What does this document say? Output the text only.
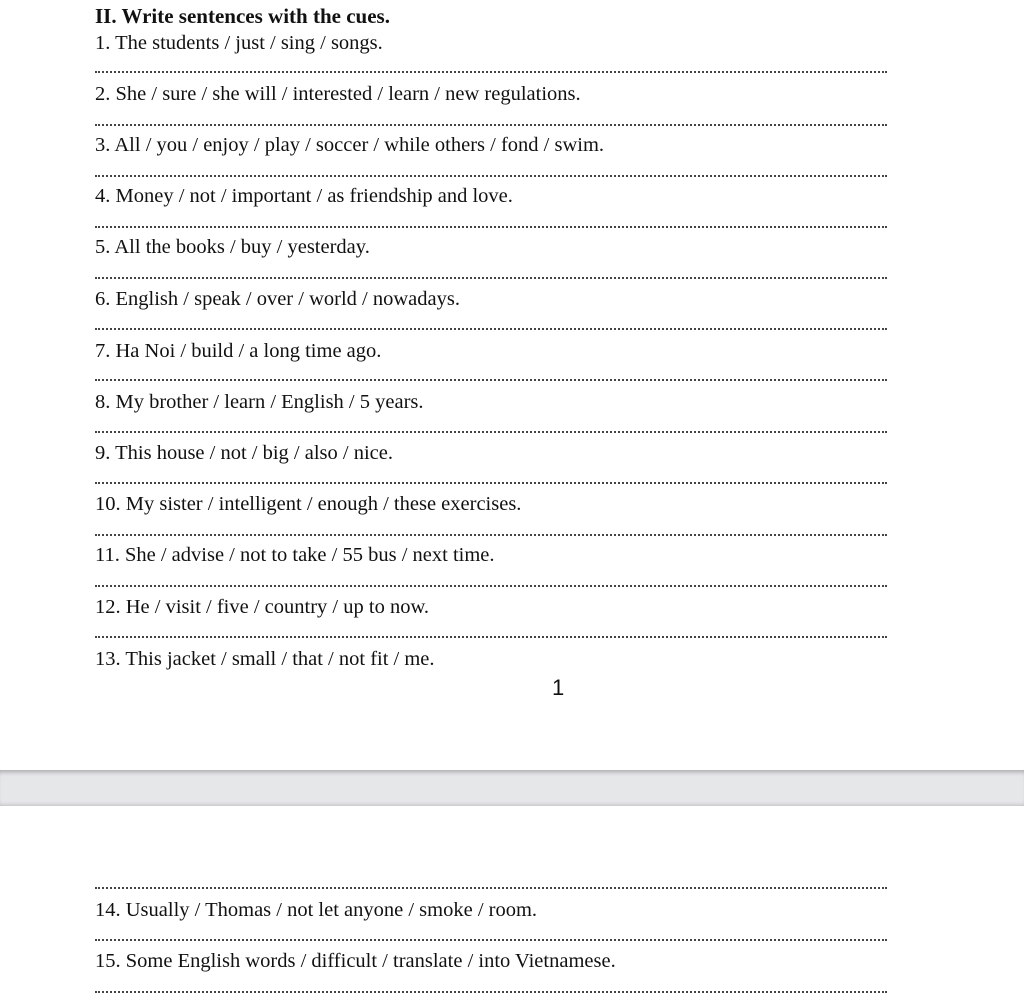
II. Write sentences with the cues.
1. The students / just / sing / songs.
2. She / sure / she will / interested / learn / new regulations.
3. All / you / enjoy / play / soccer / while others / fond / swim.
4. Money / not / important / as friendship and love.
5. All the books / buy / yesterday.
6. English / speak / over / world / nowadays.
7. Ha Noi / build / a long time ago.
8. My brother / learn / English / 5 years.
9. This house / not / big / also / nice.
10. My sister / intelligent / enough / these exercises.
11. She / advise / not to take / 55 bus / next time.
12. He / visit / five / country / up to now.
13. This jacket / small / that / not fit / me.
1
14. Usually / Thomas / not let anyone / smoke / room.
15. Some English words / difficult / translate / into Vietnamese.
